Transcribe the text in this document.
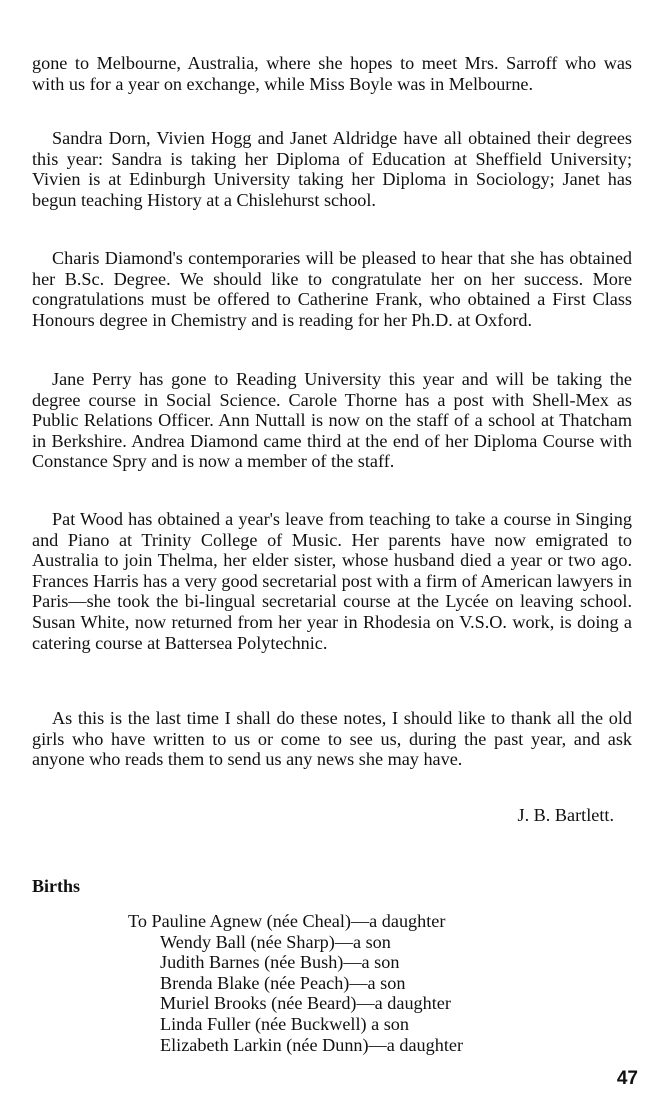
gone to Melbourne, Australia, where she hopes to meet Mrs. Sarroff who was with us for a year on exchange, while Miss Boyle was in Melbourne.

Sandra Dorn, Vivien Hogg and Janet Aldridge have all obtained their degrees this year: Sandra is taking her Diploma of Education at Sheffield University; Vivien is at Edinburgh University taking her Diploma in Sociology; Janet has begun teaching History at a Chislehurst school.

Charis Diamond's contemporaries will be pleased to hear that she has obtained her B.Sc. Degree. We should like to congratulate her on her success. More congratulations must be offered to Catherine Frank, who obtained a First Class Honours degree in Chemistry and is reading for her Ph.D. at Oxford.

Jane Perry has gone to Reading University this year and will be taking the degree course in Social Science. Carole Thorne has a post with Shell-Mex as Public Relations Officer. Ann Nuttall is now on the staff of a school at Thatcham in Berkshire. Andrea Diamond came third at the end of her Diploma Course with Constance Spry and is now a member of the staff.

Pat Wood has obtained a year's leave from teaching to take a course in Singing and Piano at Trinity College of Music. Her parents have now emigrated to Australia to join Thelma, her elder sister, whose husband died a year or two ago. Frances Harris has a very good secretarial post with a firm of American lawyers in Paris—she took the bi-lingual secretarial course at the Lycée on leaving school. Susan White, now returned from her year in Rhodesia on V.S.O. work, is doing a catering course at Battersea Polytechnic.

As this is the last time I shall do these notes, I should like to thank all the old girls who have written to us or come to see us, during the past year, and ask anyone who reads them to send us any news she may have.

J. B. Bartlett.

Births

To Pauline Agnew (née Cheal)—a daughter
Wendy Ball (née Sharp)—a son
Judith Barnes (née Bush)—a son
Brenda Blake (née Peach)—a son
Muriel Brooks (née Beard)—a daughter
Linda Fuller (née Buckwell) a son
Elizabeth Larkin (née Dunn)—a daughter

47
